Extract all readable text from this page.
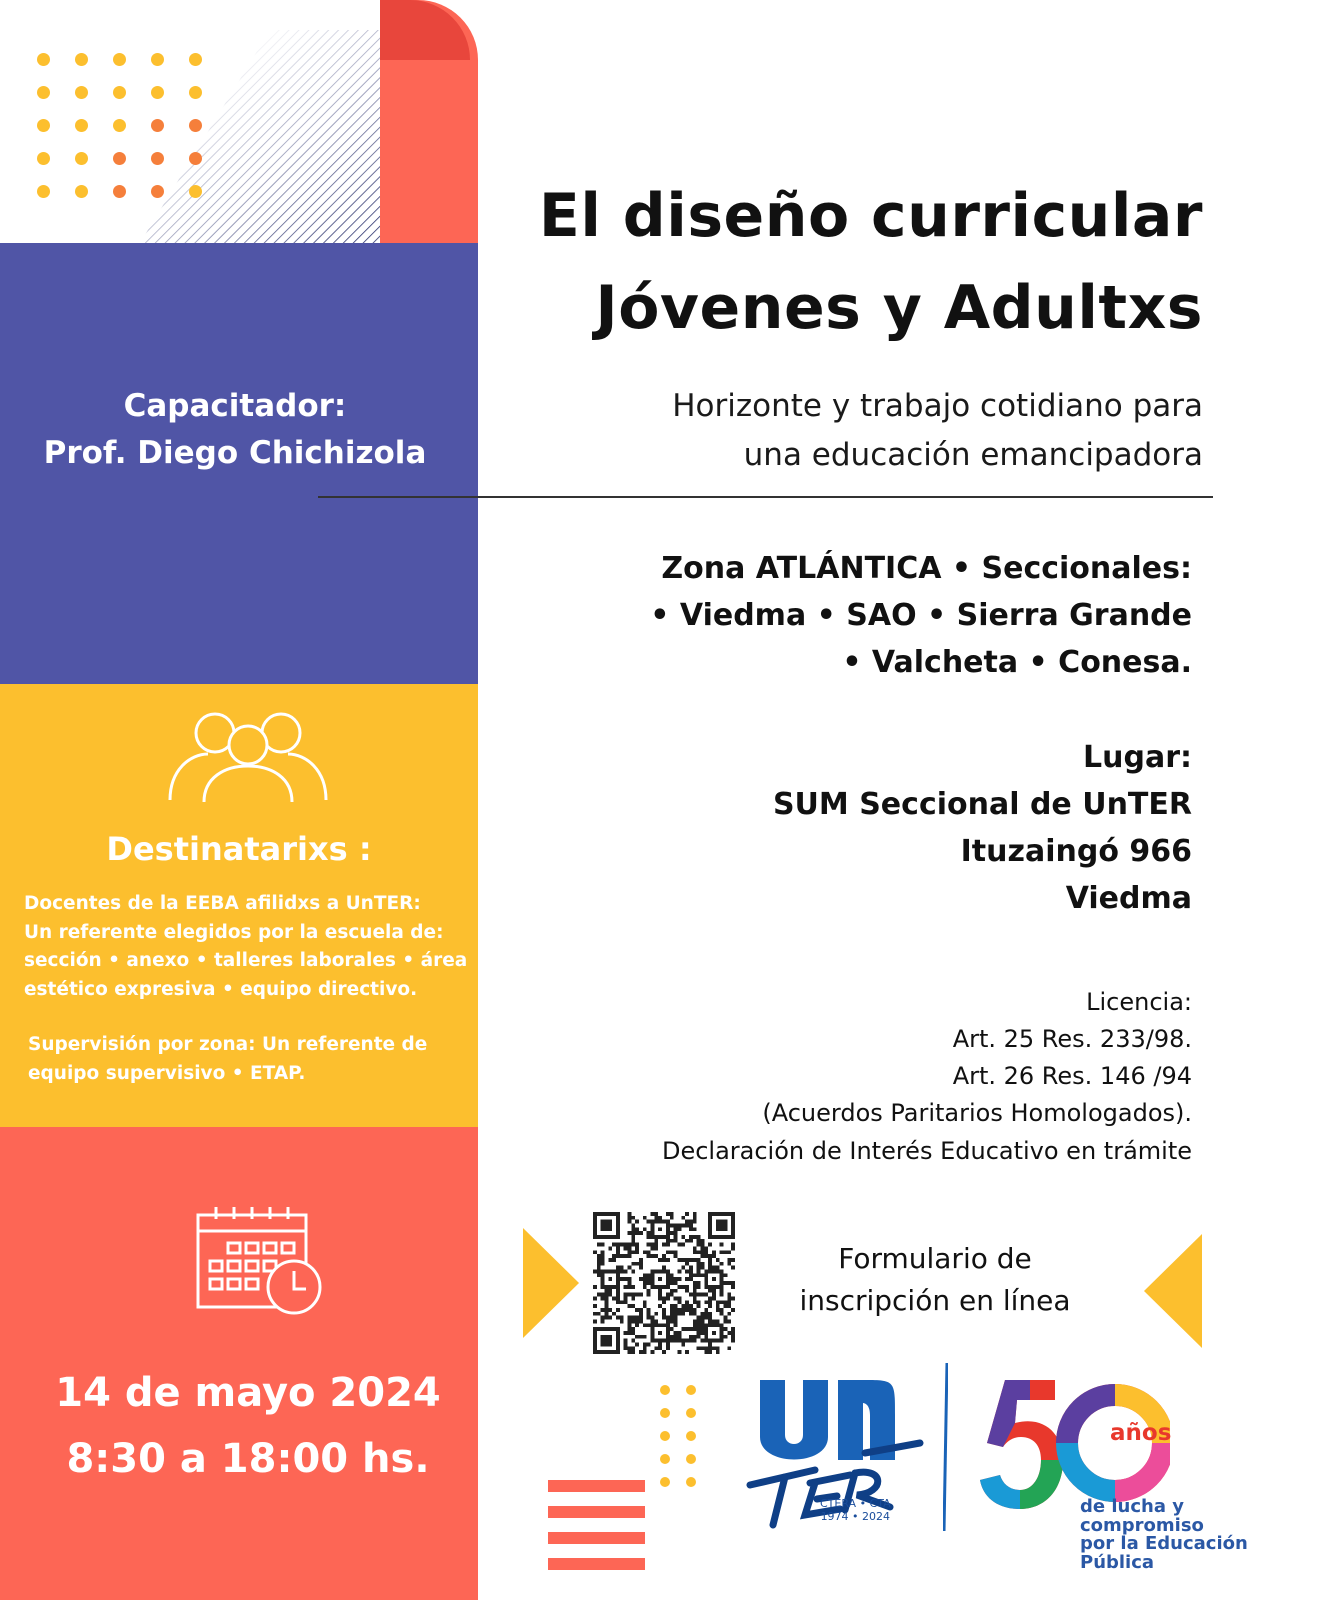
Capacitador:
Prof. Diego Chichizola
Destinatarixs :
Docentes de la EEBA afilidxs a UnTER:
Un referente elegidos por la escuela de:
sección • anexo • talleres laborales • área
estético expresiva • equipo directivo.
Supervisión por zona: Un referente de
equipo supervisivo • ETAP.
14 de mayo 2024
8:30 a 18:00 hs.
El diseño curricular
Jóvenes y Adultxs
Horizonte y trabajo cotidiano para
una educación emancipadora
Zona ATLÁNTICA • Seccionales:
• Viedma • SAO • Sierra Grande
• Valcheta • Conesa.
Lugar:
SUM Seccional de UnTER
Ituzaingó 966
Viedma
Licencia:
Art. 25 Res. 233/98.
Art. 26 Res. 146 /94
(Acuerdos Paritarios Homologados).
Declaración de Interés Educativo en trámite
Formulario de
inscripción en línea
CTERA • CTA
1974 • 2024
años
de lucha y
compromiso
por la Educación
Pública
